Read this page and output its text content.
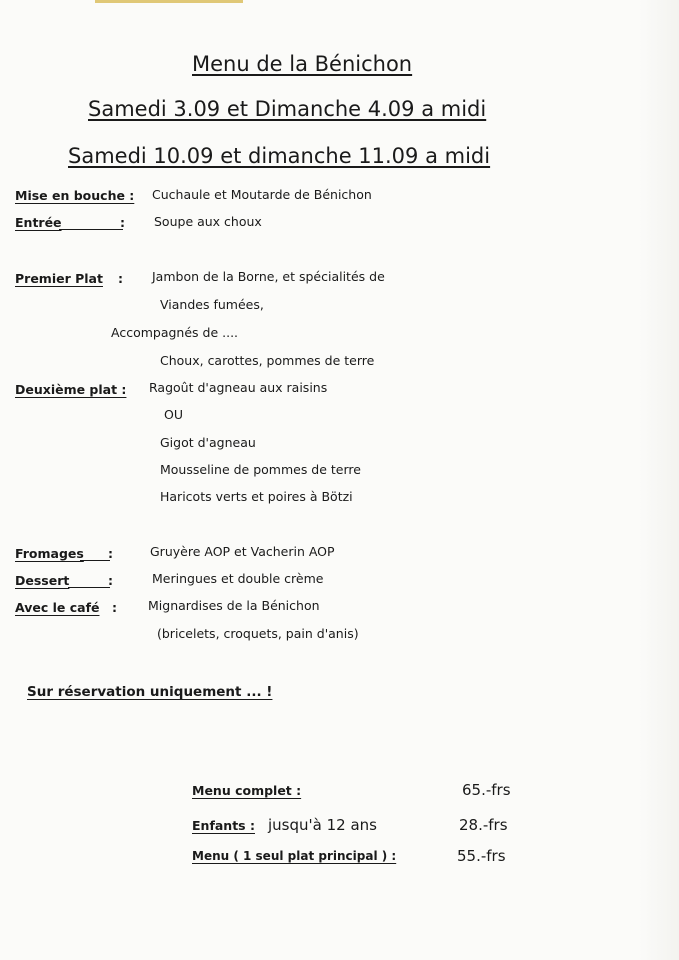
Menu de la Bénichon
Samedi 3.09 et Dimanche 4.09 a midi
Samedi 10.09 et dimanche 11.09 a midi
Mise en bouche : Cuchaule et Moutarde de Bénichon
Entrée	: Soupe aux choux
Premier Plat : Jambon de la Borne, et spécialités de
Viandes fumées,
Accompagnés de ....
Choux, carottes, pommes de terre
Deuxième plat : Ragoût d'agneau aux raisins
OU
Gigot d'agneau
Mousseline de pommes de terre
Haricots verts et poires à Bötzi
Fromages :	Gruyère AOP et Vacherin AOP
Dessert	:	Meringues et double crème
Avec le café : Mignardises de la Bénichon
(bricelets, croquets, pain d'anis)
Sur réservation uniquement ... !
Menu complet :	65.-frs
Enfants : jusqu'à 12 ans	28.-frs
Menu ( 1 seul plat principal ) :	55.-frs
